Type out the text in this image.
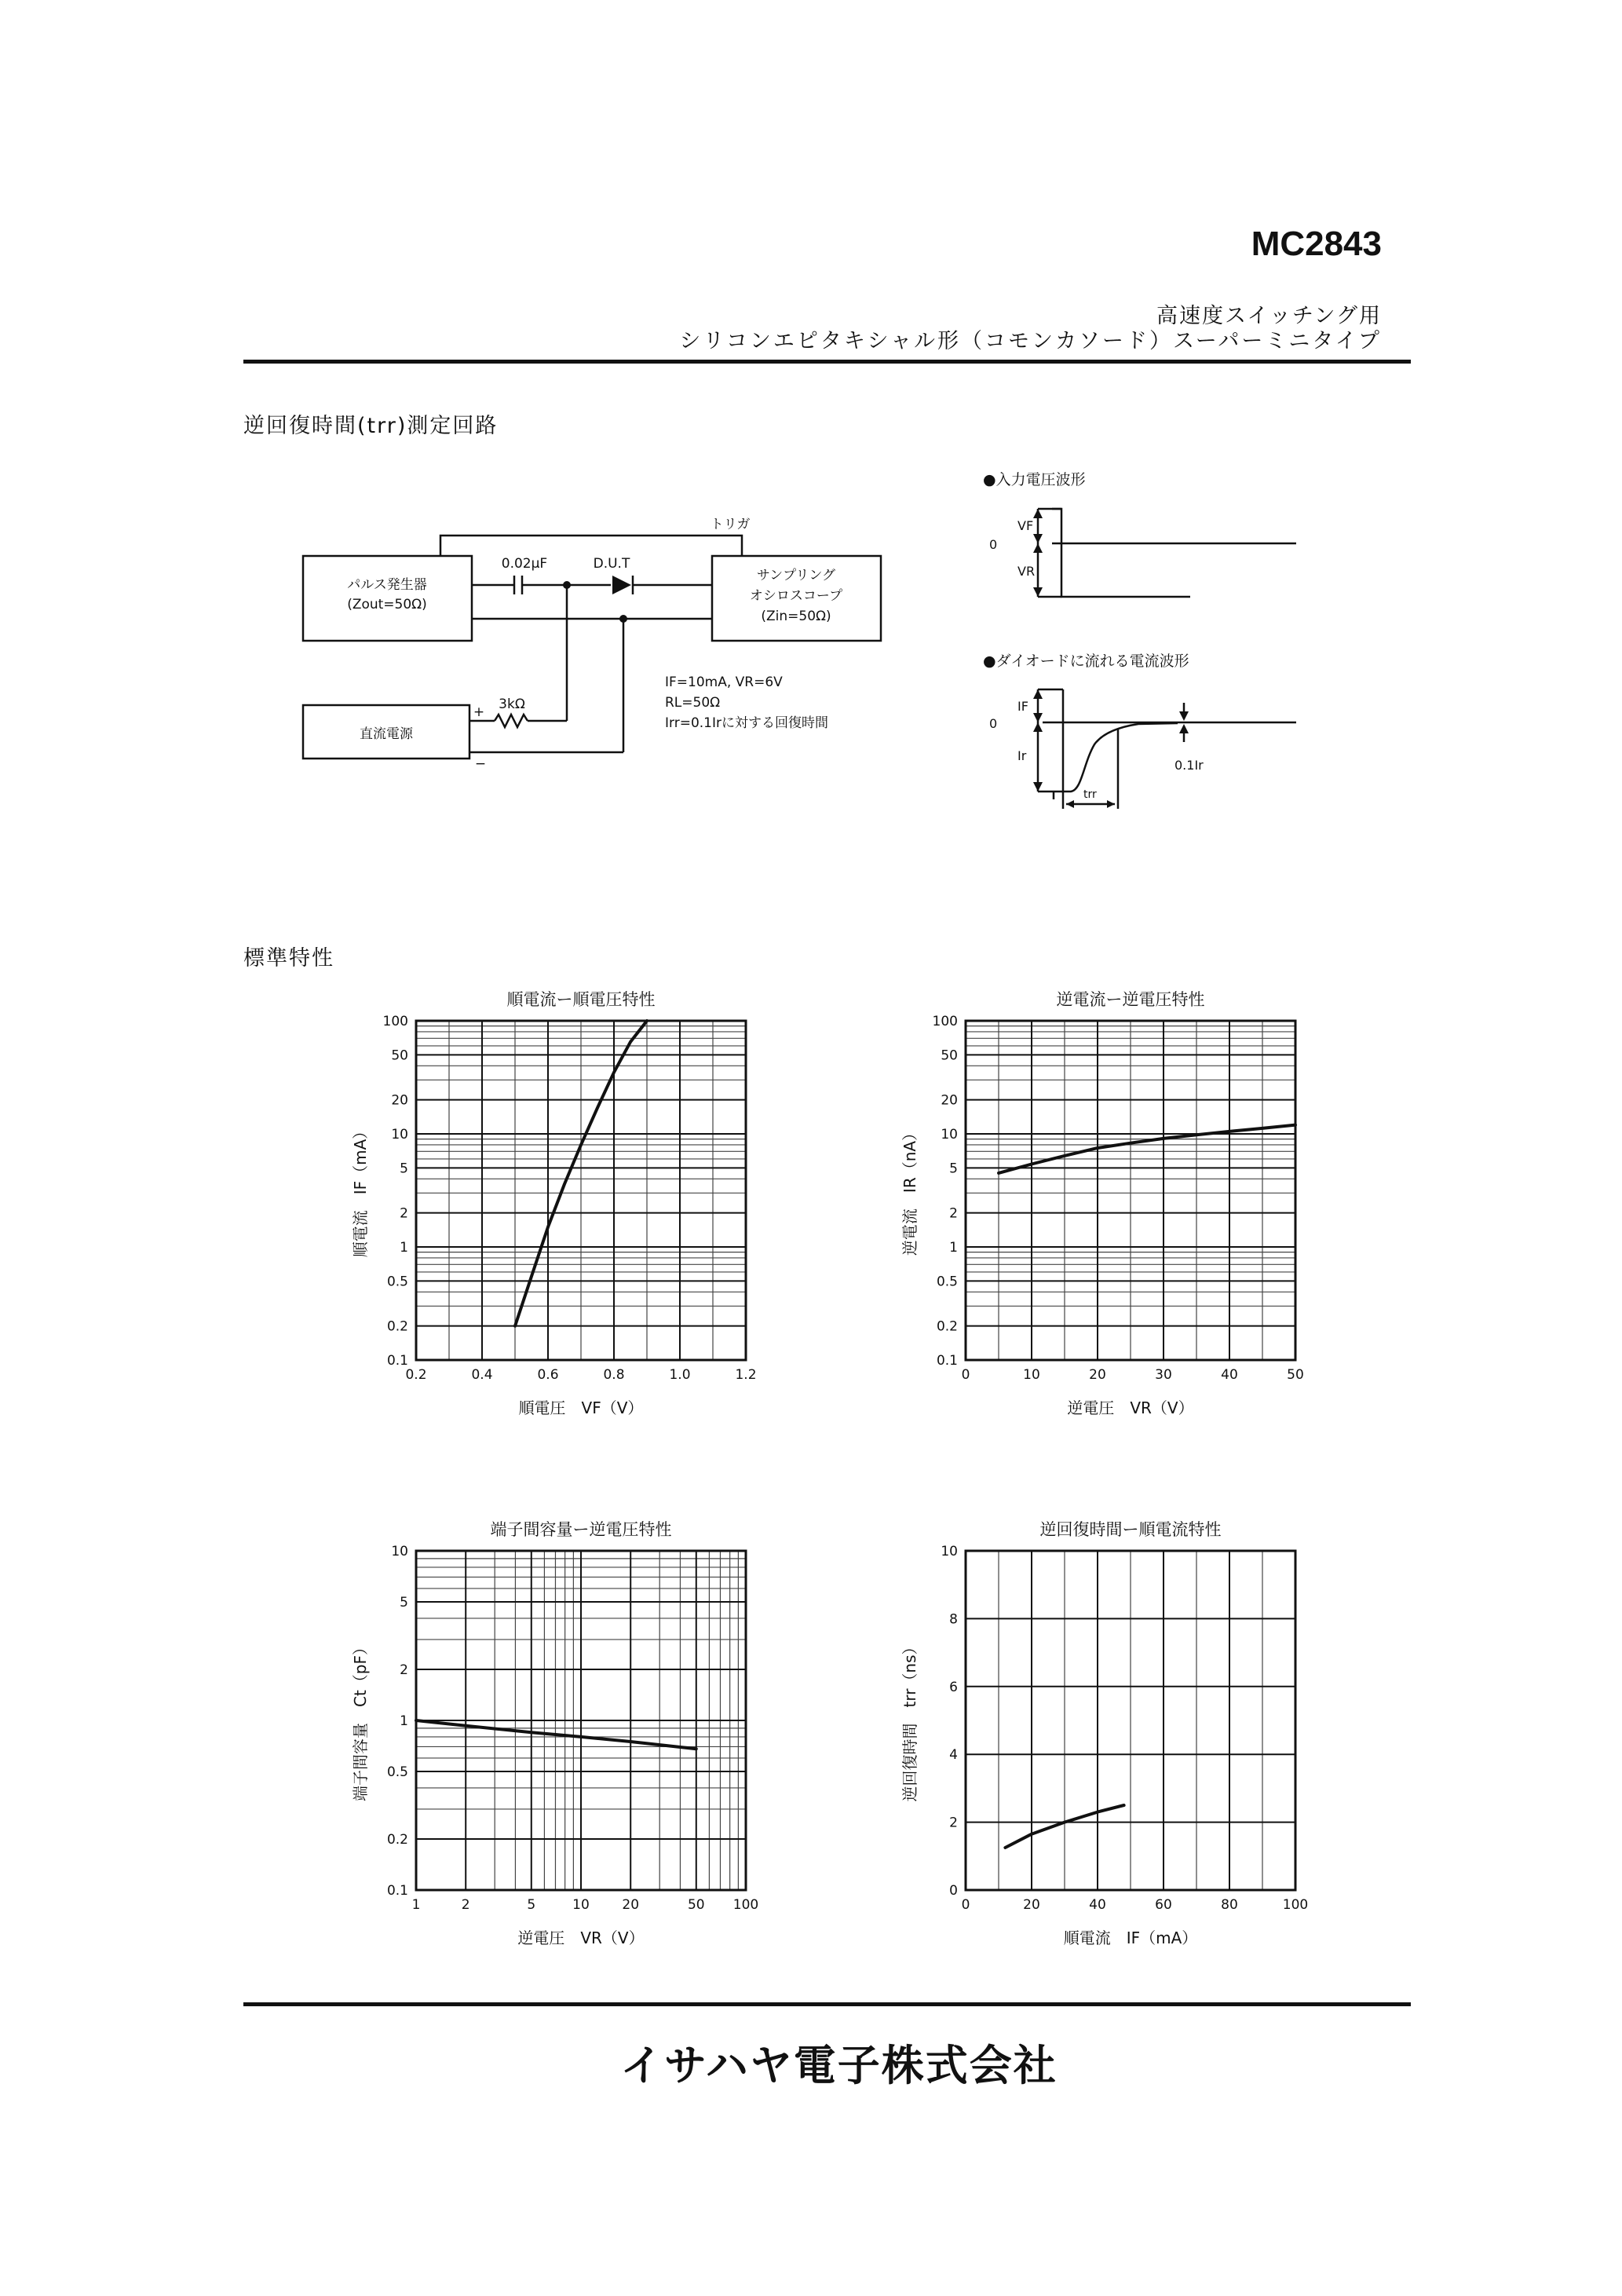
MC2843
高速度スイッチング用
シリコンエピタキシャル形（コモンカソード）スーパーミニタイプ
逆回復時間(trr)測定回路
パルス発生器
(Zout=50Ω)
サンプリング
オシロスコープ
(Zin=50Ω)
直流電源
0.02μF	D.U.T
トリガ
3kΩ
+
−
IF=10mA, VR=6V
RL=50Ω
Irr=0.1Irに対する回復時間
●入力電圧波形
VF
0
VR
●ダイオードに流れる電流波形
IF
0
Ir
trr
0.1Ir
標準特性
順電流ー順電圧特性
100
50
20
10
5
2
1
0.5
0.2
0.1
0.2	0.4	0.6	0.8	1.0	1.2
順電圧　VF（V）
順電流　IF（mA）
逆電流ー逆電圧特性
100
50
20
10
5
2
1
0.5
0.2
0.1
0	10	20	30	40	50
逆電圧　VR（V）
逆電流　IR（nA）
端子間容量ー逆電圧特性
10
5
2
1
0.5
0.2
0.1
1	2	5	10 20	50 100
逆電圧　VR（V）
端子間容量　Ct（pF）
逆回復時間ー順電流特性
10
8
6
4
2
0
0	20	40	60	80	100
順電流　IF（mA）
逆回復時間　trr（ns）
イサハヤ電子株式会社
